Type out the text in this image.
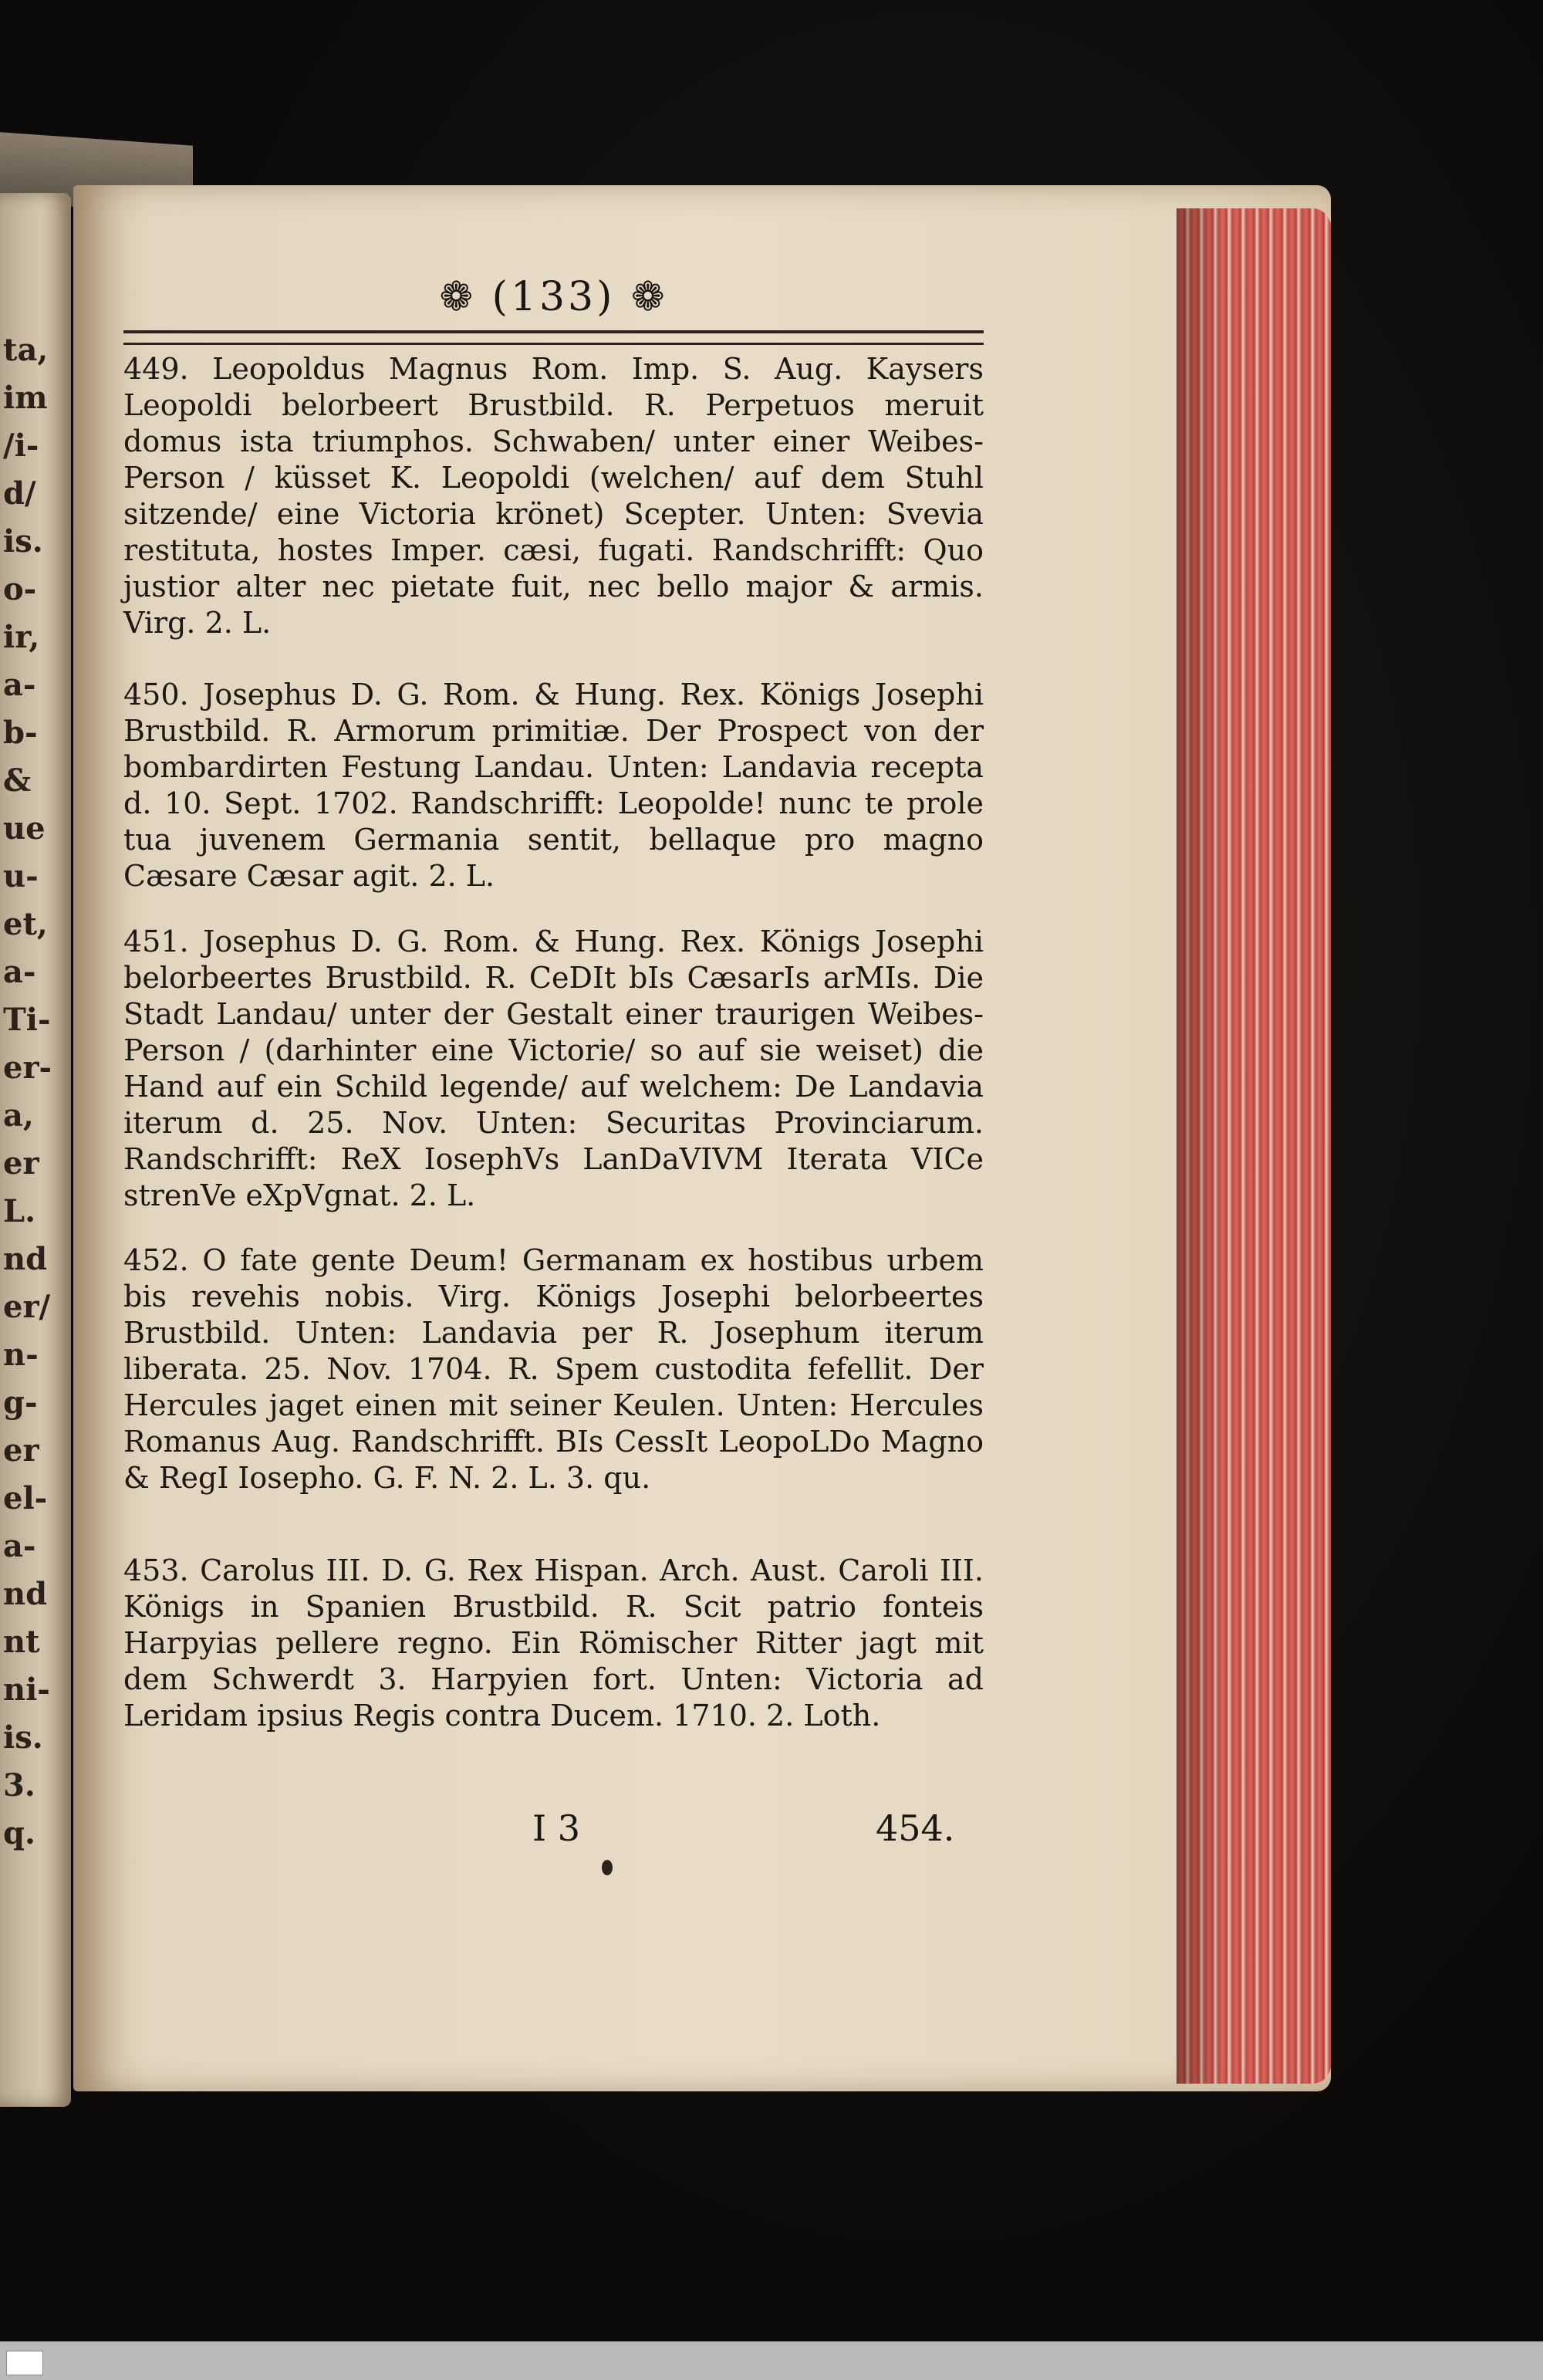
ta,
im
/i-
d/
is.
o-
ir,
a-
b-
&
ue
u-
et,
a-
Ti-
er-
a,
er
L.
nd
er/
n-
g-
er
el-
a-
nd
nt
ni-
is.
3.
q.
❁ (133) ❁
449. Leopoldus Magnus Rom. Imp. S. Aug. Kaysers Leopoldi belorbeert Brustbild. R. Perpetuos meruit domus ista triumphos. Schwaben/ unter einer Weibes-Person / küsset K. Leopoldi (welchen/ auf dem Stuhl sitzende/ eine Victoria krönet) Scepter. Unten: Svevia restituta, hostes Imper. cæsi, fugati. Randschrifft: Quo justior alter nec pietate fuit, nec bello major & armis. Virg. 2. L.
450. Josephus D. G. Rom. & Hung. Rex. Königs Josephi Brustbild. R. Armorum primitiæ. Der Prospect von der bombardirten Festung Landau. Unten: Landavia recepta d. 10. Sept. 1702. Randschrifft: Leopolde! nunc te prole tua juvenem Germania sentit, bellaque pro magno Cæsare Cæsar agit. 2. L.
451. Josephus D. G. Rom. & Hung. Rex. Königs Josephi belorbeertes Brustbild. R. CeDIt bIs CæsarIs arMIs. Die Stadt Landau/ unter der Gestalt einer traurigen Weibes-Person / (darhinter eine Victorie/ so auf sie weiset) die Hand auf ein Schild legende/ auf welchem: De Landavia iterum d. 25. Nov. Unten: Securitas Provinciarum. Randschrifft: ReX IosephVs LanDaVIVM Iterata VICe strenVe eXpVgnat. 2. L.
452. O fate gente Deum! Germanam ex hostibus urbem bis revehis nobis. Virg. Königs Josephi belorbeertes Brustbild. Unten: Landavia per R. Josephum iterum liberata. 25. Nov. 1704. R. Spem custodita fefellit. Der Hercules jaget einen mit seiner Keulen. Unten: Hercules Romanus Aug. Randschrifft. BIs CessIt LeopoLDo Magno & RegI Iosepho. G. F. N. 2. L. 3. qu.
453. Carolus III. D. G. Rex Hispan. Arch. Aust. Caroli III. Königs in Spanien Brustbild. R. Scit patrio fonteis Harpyias pellere regno. Ein Römischer Ritter jagt mit dem Schwerdt 3. Harpyien fort. Unten: Victoria ad Leridam ipsius Regis contra Ducem. 1710. 2. Loth.
I 3	454.
